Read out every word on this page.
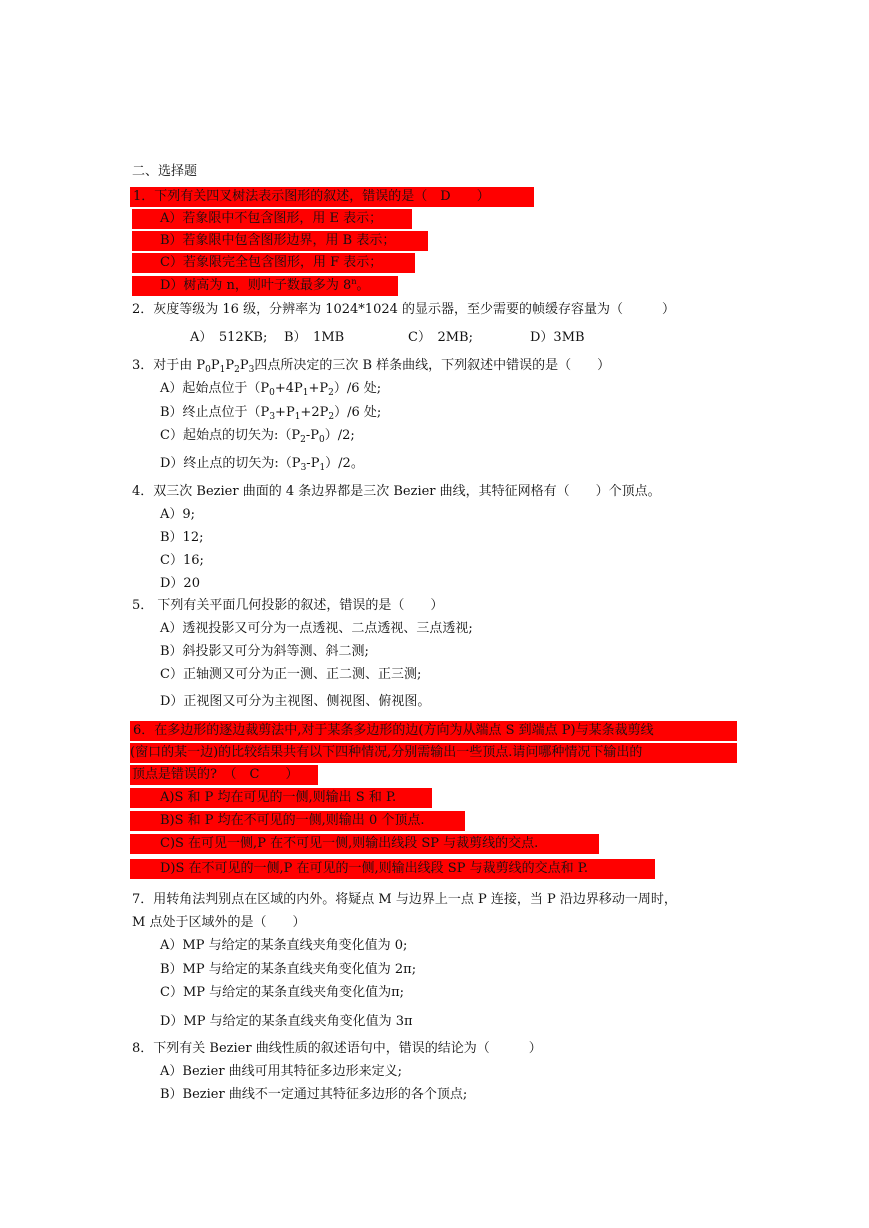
二、选择题
1．下列有关四叉树法表示图形的叙述，错误的是（　D　　）
A）若象限中不包含图形，用 E 表示；
B）若象限中包含图形边界，用 B 表示；
C）若象限完全包含图形，用 F 表示；
D）树高为 n，则叶子数最多为 8$^n$。
2．灰度等级为 16 级，分辨率为 1024*1024 的显示器，至少需要的帧缓存容量为（　　　）
A）　512KB; B）　1MB	C）　2MB;	D）3MB
3．对于由 $P_0P_1P_2P_3$四点所决定的三次 B 样条曲线，下列叙述中错误的是（　　）
A）起始点位于$(P_0+4P_1+P_2)/6$ 处;
B）终止点位于$(P_3+P_1+2P_2)/6$ 处;
C）起始点的切矢为$:(P_2-P_0)/2$;
D）终止点的切矢为$:(P_3-P_1)/2$。
4．双三次 Bezier 曲面的 4 条边界都是三次 Bezier 曲线，其特征网格有（　　）个顶点。
A）9;
B）12;
C）16;
D）20
5． 下列有关平面几何投影的叙述，错误的是（　　）
A）透视投影又可分为一点透视、二点透视、三点透视;
B）斜投影又可分为斜等测、斜二测;
C）正轴测又可分为正一测、正二测、正三测;
D）正视图又可分为主视图、侧视图、俯视图。
6．在多边形的逐边裁剪法中,对于某条多边形的边(方向为从端点 S 到端点 P)与某条裁剪线
(窗口的某一边)的比较结果共有以下四种情况,分别需输出一些顶点.请问哪种情况下输出的
顶点是错误的?　（　C　　）
A)S 和 P 均在可见的一侧,则输出 S 和 P.
B)S 和 P 均在不可见的一侧,则输出 0 个顶点.
C)S 在可见一侧,P 在不可见一侧,则输出线段 SP 与裁剪线的交点.
D)S 在不可见的一侧,P 在可见的一侧,则输出线段 SP 与裁剪线的交点和 P.
7．用转角法判别点在区域的内外。将疑点 M 与边界上一点 P 连接，当 P 沿边界移动一周时，
M 点处于区域外的是（　　）
A）MP 与给定的某条直线夹角变化值为 0;
B）MP 与给定的某条直线夹角变化值为 2π;
C）MP 与给定的某条直线夹角变化值为π;
D）MP 与给定的某条直线夹角变化值为 3π
8．下列有关 Bezier 曲线性质的叙述语句中，错误的结论为（　　　）
A）Bezier 曲线可用其特征多边形来定义;
B）Bezier 曲线不一定通过其特征多边形的各个顶点;
